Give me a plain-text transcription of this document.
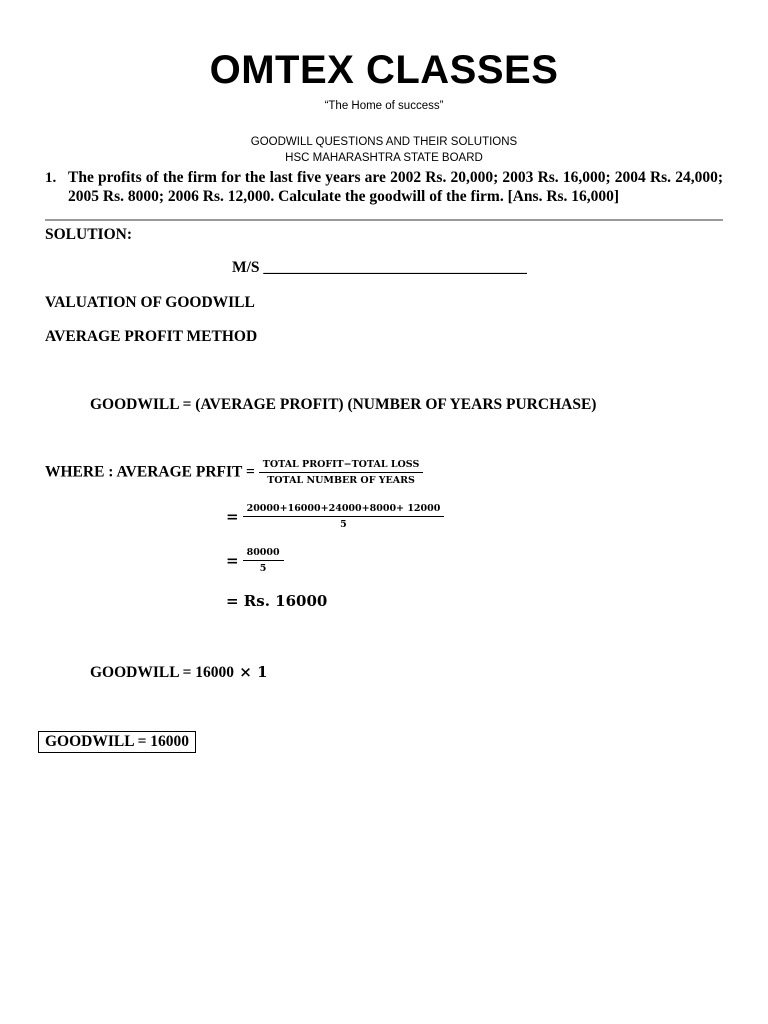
OMTEX CLASSES
“The Home of success”
GOODWILL QUESTIONS AND THEIR SOLUTIONS
HSC MAHARASHTRA STATE BOARD
1. The profits of the firm for the last five years are 2002 Rs. 20,000; 2003 Rs. 16,000; 2004 Rs. 24,000; 2005 Rs. 8000; 2006 Rs. 12,000. Calculate the goodwill of the firm. [Ans. Rs. 16,000]
SOLUTION:
M/S __________________________________
VALUATION OF GOODWILL
AVERAGE PROFIT METHOD
GOODWILL = (AVERAGE PROFIT) (NUMBER OF YEARS PURCHASE)
WHERE : AVERAGE PRFIT = $\frac{\text{TOTAL PROFIT−TOTAL LOSS}}{\text{TOTAL NUMBER OF YEARS}}$
= $\frac{20000+16000+24000+8000+ 12000}{5}$
= $\frac{80000}{5}$
= Rs. 16000
GOODWILL = 16000 × 1
GOODWILL = 16000
